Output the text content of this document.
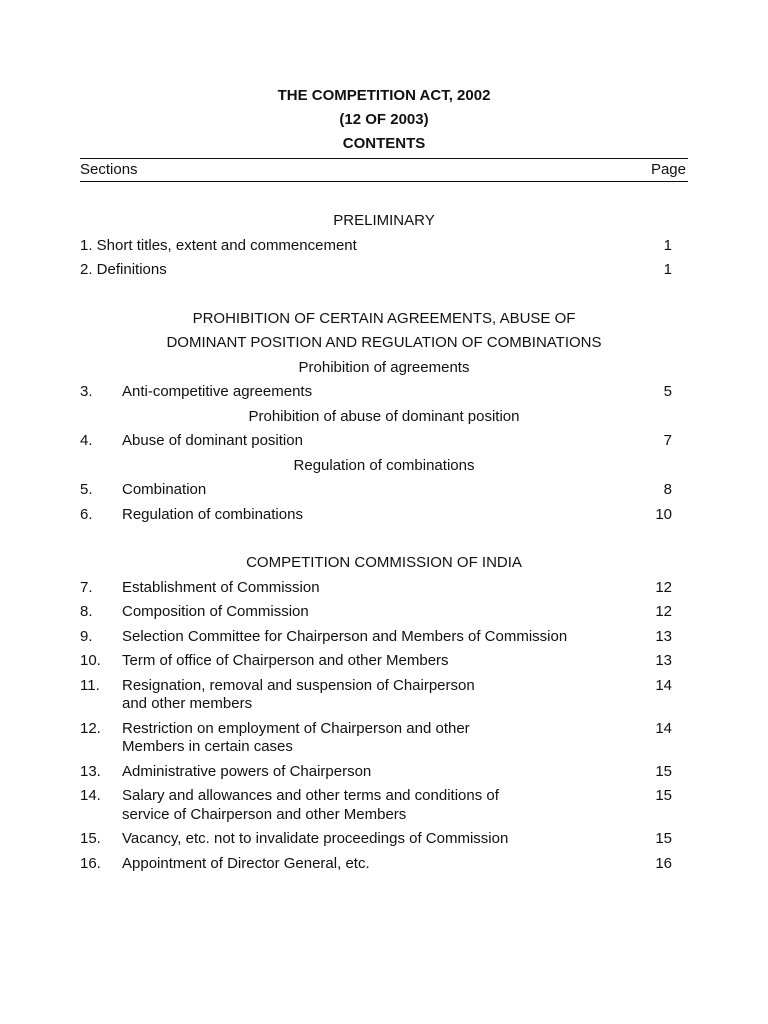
THE COMPETITION ACT, 2002
(12 OF 2003)
CONTENTS
Sections	Page
PRELIMINARY
1. Short titles, extent and commencement	1
2. Definitions	1
PROHIBITION OF CERTAIN AGREEMENTS, ABUSE OF
DOMINANT POSITION AND REGULATION OF COMBINATIONS
Prohibition of agreements
3.	Anti-competitive agreements	5
Prohibition of abuse of dominant position
4.	Abuse of dominant position	7
Regulation of combinations
5.	Combination	8
6.	Regulation of combinations	10
COMPETITION COMMISSION OF INDIA
7.	Establishment of Commission	12
8.	Composition of Commission	12
9.	Selection Committee for Chairperson and Members of Commission	13
10.	Term of office of Chairperson and other Members	13
11.	Resignation, removal and suspension of Chairperson
and other members
14
12.	Restriction on employment of Chairperson and other
Members in certain cases
14
13.	Administrative powers of Chairperson	15
14.	Salary and allowances and other terms and conditions of
service of Chairperson and other Members
15
15.	Vacancy, etc. not to invalidate proceedings of Commission	15
16.	Appointment of Director General, etc.	16
